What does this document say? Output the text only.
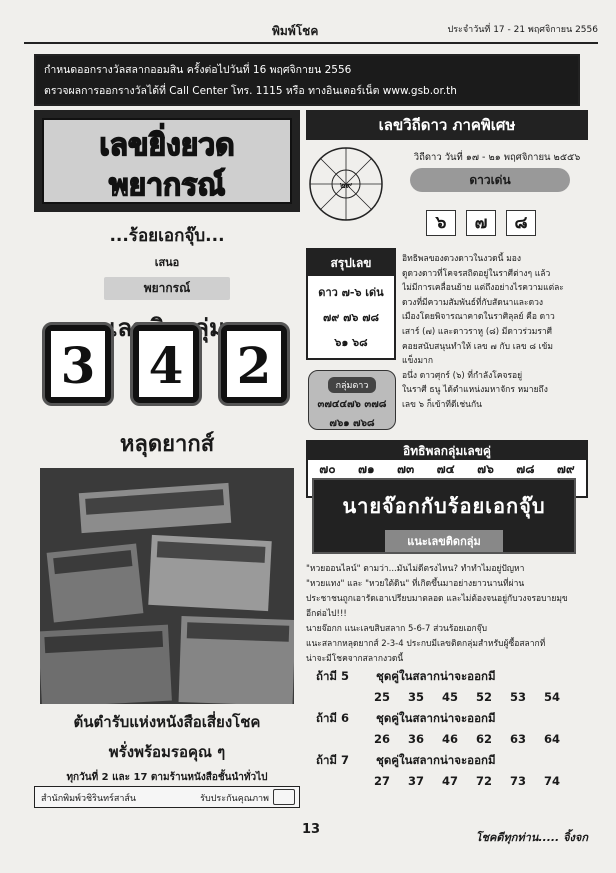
พิมพ์โชค	ประจำวันที่ 17 - 21 พฤศจิกายน 2556
กำหนดออกรางวัลสลากออมสิน ครั้งต่อไปวันที่ 16 พฤศจิกายน 2556
ตรวจผลการออกรางวัลได้ที่ Call Center โทร. 1115 หรือ ทางอินเตอร์เน็ต www.gsb.or.th
เลขยิ่งยวด
พยากรณ์
...ร้อยเอกจุ๊บ...
เสนอ
พยากรณ์
3 4 2
หลุดยากส์
ต้นตำรับแห่งหนังสือเสี่ยงโชค
พรั่งพร้อมรอคุณ ๆ
ทุกวันที่ 2 และ 17 ตามร้านหนังสือชั้นนำทั่วไป
สำนักพิมพ์วชิรินทร์สาส์น	รับประกันคุณภาพ
เลขวิถีดาว ภาคพิเศษ
๒๙
วิถีดาว วันที่ ๑๗ - ๒๑ พฤศจิกายน ๒๕๕๖
ดาวเด่น
๖	๗	๘
สรุปเลข
ดาว ๗-๖ เด่น
๗๙ ๗๖ ๗๘
๖๑ ๖๘
กลุ่มดาว
๓๗๔๔๗๖ ๓๗๘
๗๖๑ ๗๖๘
อิทธิพลของดวงดาวในงวดนี้ มอง
ดูดวงดาวที่โคจรสถิตอยู่ในราศีต่างๆ แล้ว
ไม่มีการเคลื่อนย้าย แต่ถึงอย่างไรความแต่ละ
ดวงที่มีความสัมพันธ์ที่กับสัดนาและดวง
เมืองโดยพิจารณาคาดในราศิลุลย์ คือ ดาว
เสาร์ (๗) และดาวราหู (๘) มีดาวร่วมราศี
คอยสนับสนุนทำให้ เลข ๗ กับ เลข ๘ เข้ม
แข็งมาก
อนึ่ง ดาวศุกร์ (๖) ที่กำลังโคจรอยู่
ในราศี ธนู ได้ตำแหน่งมหาจักร หมายถึง
เลข ๖ ก็เข้าทีดีเช่นกัน
อิทธิพลกลุ่มเลขคู่
๗๐ ๗๑ ๗๓ ๗๔ ๗๖ ๗๘ ๗๙
นายจ๊อกกับร้อยเอกจุ๊บ
แนะเลขติดกลุ่ม
"หวยออนไลน์" ตามว่า...มันไม่ดีตรงไหน? ทำทำไมอยู่ปัญหา
"หวยแทง" และ "หวยใต้ดิน" ที่เกิดขึ้นมาอย่างยาวนานที่ผ่าน
ประชาชนถูกเอารัดเอาเปรียบมาตลอด และไม่ต้องจนอยู่กับวงจรอบายมุข
อีกต่อไป!!!
นายจ๊อกก แนะเลขสิบสลาก 5-6-7 ส่วนร้อยเอกจุ๊บ
แนะสลากหลุดยากส์ 2-3-4 ประกบมีเลขติดกลุ่มสำหรับผู้ซื้อสลากที่
น่าจะมีโชคจากสลากงวดนี้
ถ้ามี 5 ชุดคู่ในสลากน่าจะออกมี
25	35	45	52	53	54
ถ้ามี 6 ชุดคู่ในสลากน่าจะออกมี
26	36	46	62	63	64
ถ้ามี 7 ชุดคู่ในสลากน่าจะออกมี
27	37	47	72	73	74
โชคดีทุกท่าน..... จิ้งจก
13
